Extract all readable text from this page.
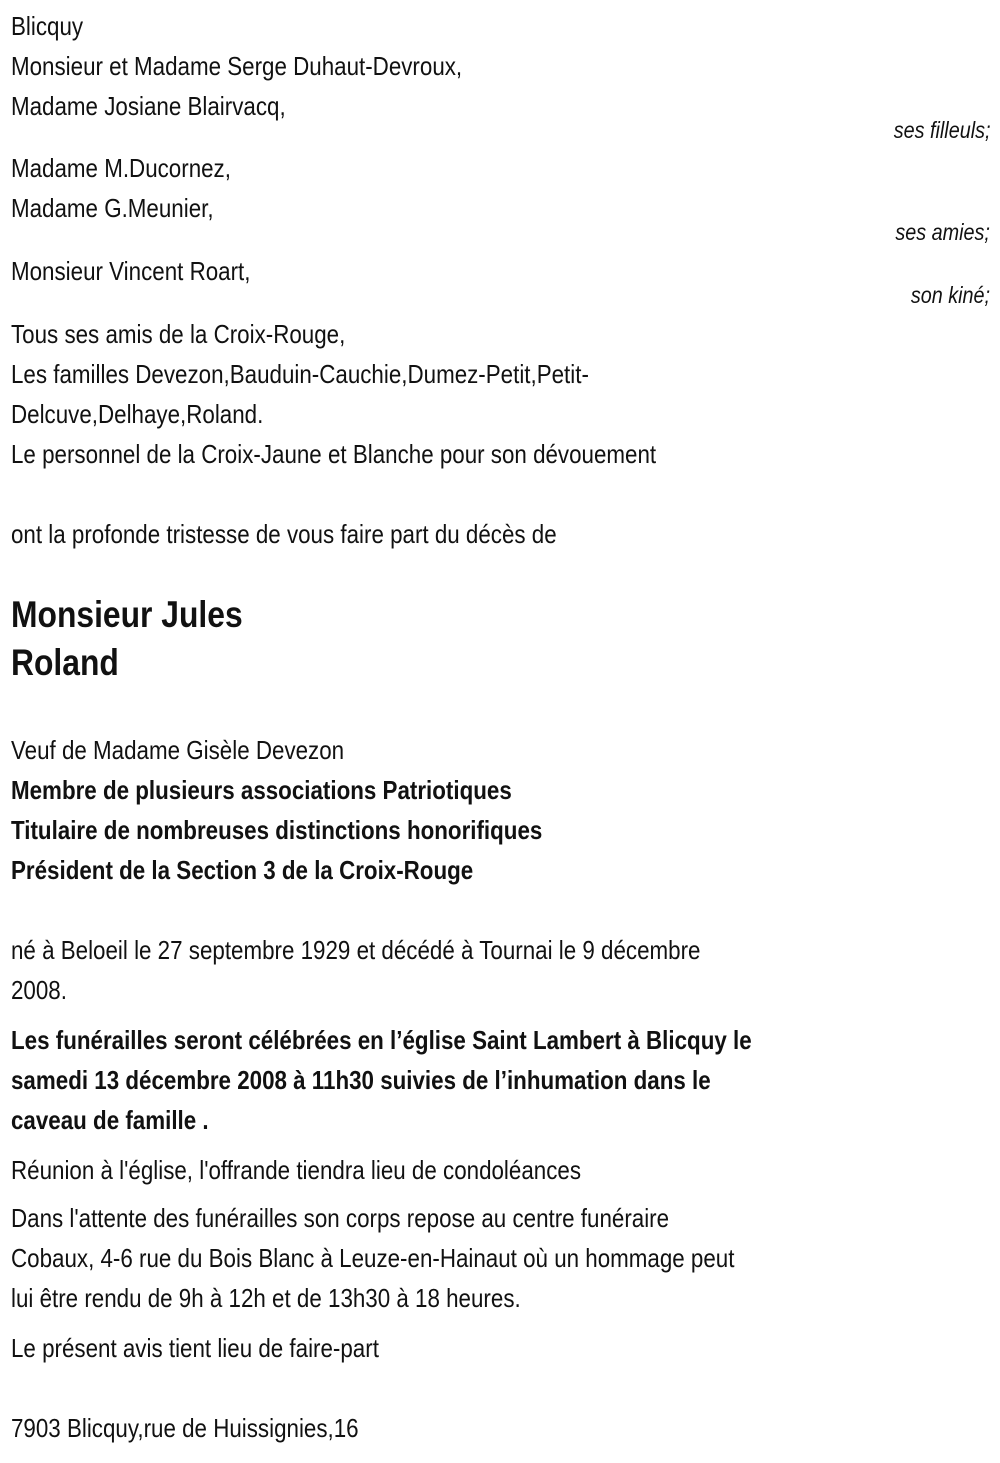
Blicquy
Monsieur et Madame Serge Duhaut-Devroux,
Madame Josiane Blairvacq,
ses filleuls;
Madame M.Ducornez,
Madame G.Meunier,
ses amies;
Monsieur Vincent Roart,
son kiné;
Tous ses amis de la Croix-Rouge,
Les familles Devezon,Bauduin-Cauchie,Dumez-Petit,Petit-
Delcuve,Delhaye,Roland.
Le personnel de la Croix-Jaune et Blanche pour son dévouement
ont la profonde tristesse de vous faire part du décès de
Monsieur Jules
Roland
Veuf de Madame Gisèle Devezon
Membre de plusieurs associations Patriotiques
Titulaire de nombreuses distinctions honorifiques
Président de la Section 3 de la Croix-Rouge
né à Beloeil le 27 septembre 1929 et décédé à Tournai le 9 décembre
2008.
Les funérailles seront célébrées en l’église Saint Lambert à Blicquy le
samedi 13 décembre 2008 à 11h30 suivies de l’inhumation dans le
caveau de famille .
Réunion à l'église, l'offrande tiendra lieu de condoléances
Dans l'attente des funérailles son corps repose au centre funéraire
Cobaux, 4-6 rue du Bois Blanc à Leuze-en-Hainaut où un hommage peut
lui être rendu de 9h à 12h et de 13h30 à 18 heures.
Le présent avis tient lieu de faire-part
7903 Blicquy,rue de Huissignies,16
